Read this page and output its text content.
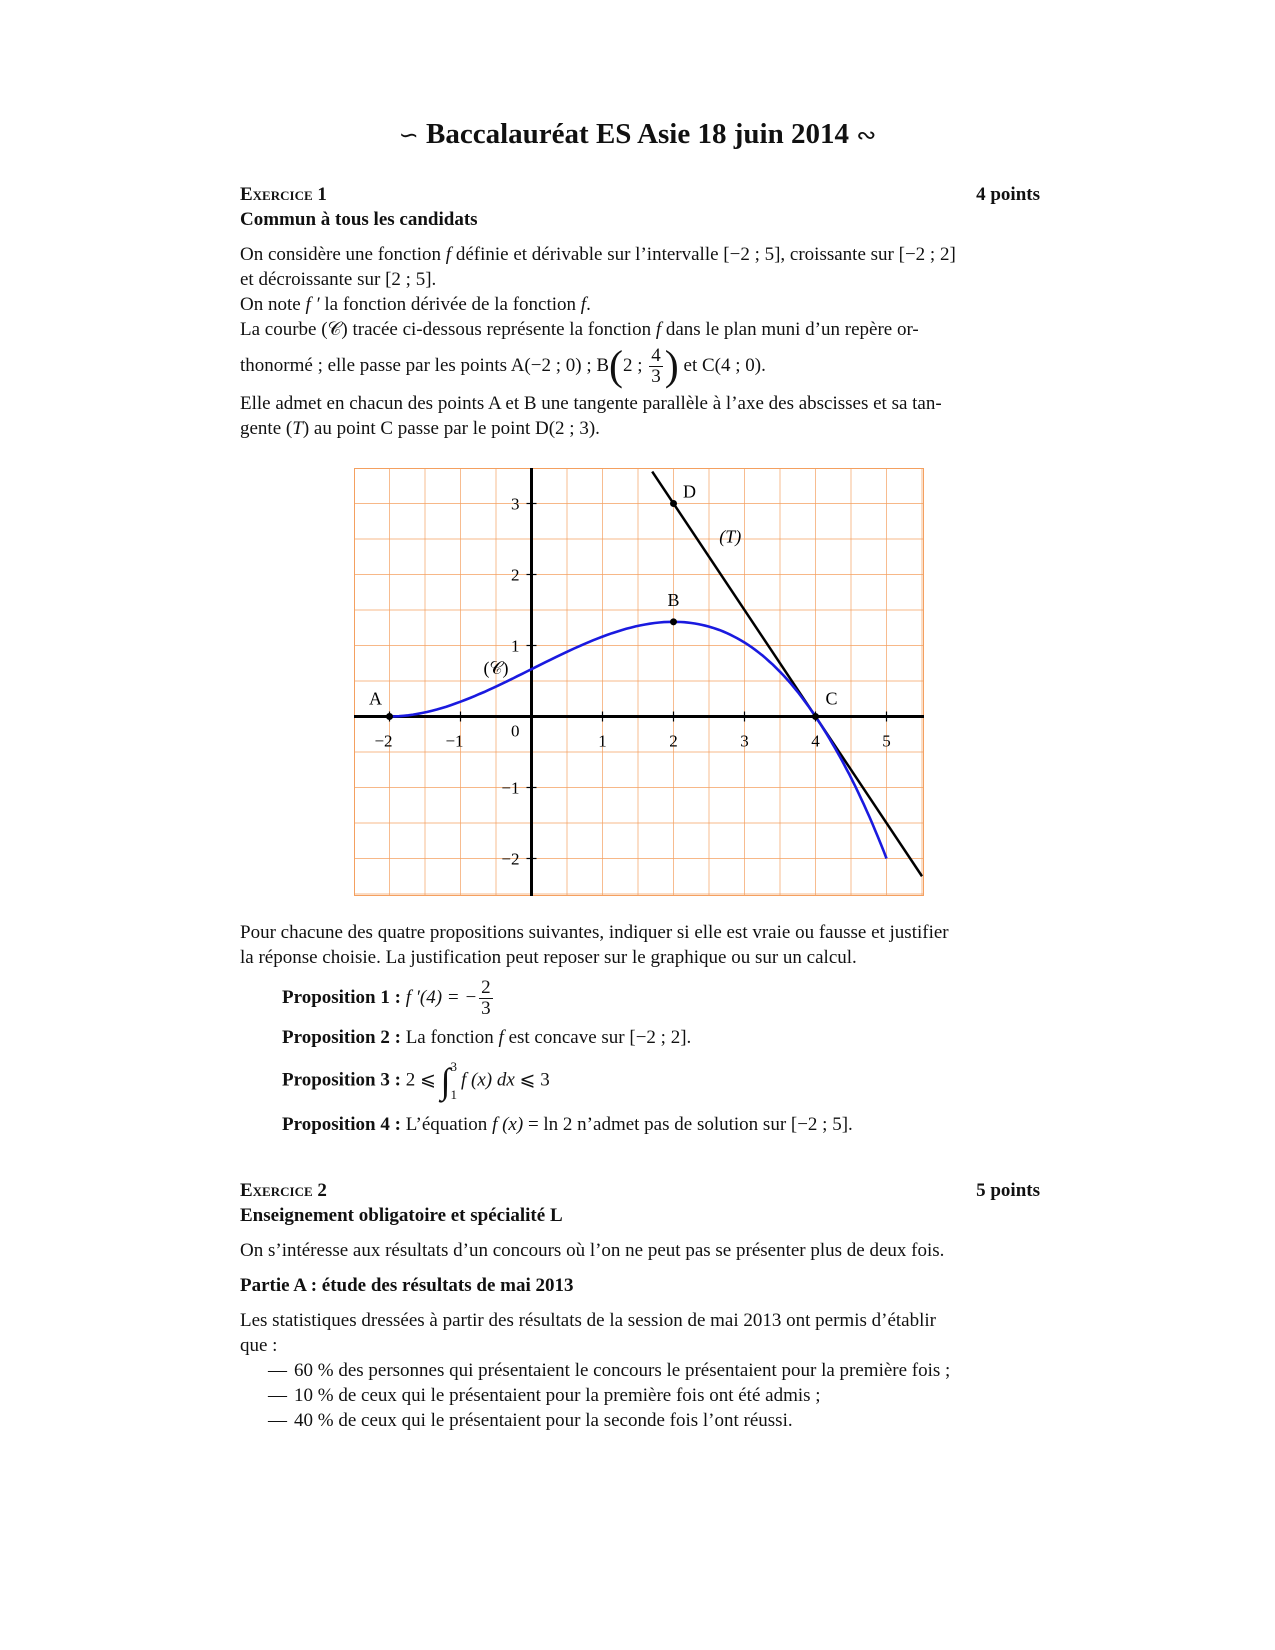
∽ Baccalauréat ES Asie 18 juin 2014 ∾
Exercice 1	4 points
Commun à tous les candidats

On considère une fonction f définie et dérivable sur l’intervalle [−2 ; 5], croissante sur [−2 ; 2]

et décroissante sur [2 ; 5].

On note f ′ la fonction dérivée de la fonction f.

La courbe (𝒞) tracée ci-dessous représente la fonction f dans le plan muni d’un repère or-

thonormé ; elle passe par les points A(−2 ; 0) ; B(2 ; $\frac{4}{3}$ ) et C(4 ; 0).

Elle admet en chacun des points A et B une tangente parallèle à l’axe des abscisses et sa tan-

gente (T) au point C passe par le point D(2 ; 3).

−2	−1	1	2	3	4	5
3
2
1
−1
−2
0
A
B
C
D
(𝒞)
(T)

Pour chacune des quatre propositions suivantes, indiquer si elle est vraie ou fausse et justifier

la réponse choisie. La justification peut reposer sur le graphique ou sur un calcul.

Proposition 1 : f ′(4) = − $\frac{2}{3}$

Proposition 2 : La fonction f est concave sur [−2 ; 2].

Proposition 3 : 2 ⩽ ∫ 3
1
f (x) dx ⩽ 3

Proposition 4 : L’équation f (x) = ln 2 n’admet pas de solution sur [−2 ; 5].

Exercice 2	5 points
Enseignement obligatoire et spécialité L

On s’intéresse aux résultats d’un concours où l’on ne peut pas se présenter plus de deux fois.

Partie A : étude des résultats de mai 2013

Les statistiques dressées à partir des résultats de la session de mai 2013 ont permis d’établir

que :

— 60 % des personnes qui présentaient le concours le présentaient pour la première fois ;
— 10 % de ceux qui le présentaient pour la première fois ont été admis ;
— 40 % de ceux qui le présentaient pour la seconde fois l’ont réussi.
